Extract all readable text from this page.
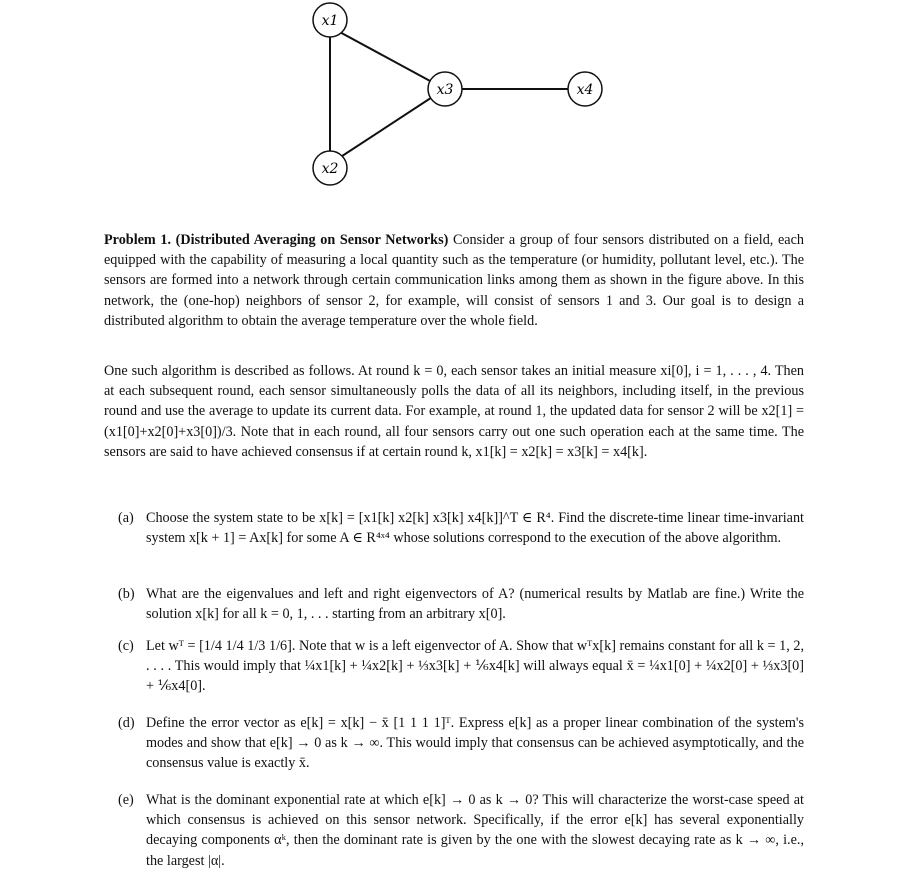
x1
x2
x3	x4

Problem 1. (Distributed Averaging on Sensor Networks) Consider a group of four sensors distributed on a field, each equipped with the capability of measuring a local quantity such as the temperature (or humidity, pollutant level, etc.). The sensors are formed into a network through certain communication links among them as shown in the figure above. In this network, the (one-hop) neighbors of sensor 2, for example, will consist of sensors 1 and 3. Our goal is to design a distributed algorithm to obtain the average temperature over the whole field.

One such algorithm is described as follows. At round k = 0, each sensor takes an initial measure xi[0], i = 1, . . . , 4. Then at each subsequent round, each sensor simultaneously polls the data of all its neighbors, including itself, in the previous round and use the average to update its current data. For example, at round 1, the updated data for sensor 2 will be x2[1] = (x1[0]+x2[0]+x3[0])/3. Note that in each round, all four sensors carry out one such operation each at the same time. The sensors are said to have achieved consensus if at certain round k, x1[k] = x2[k] = x3[k] = x4[k].

(a) Choose the system state to be x[k] = [x1[k] x2[k] x3[k] x4[k]]^T ∈ R⁴. Find the discrete-time linear time-invariant system x[k + 1] = Ax[k] for some A ∈ R⁴ˣ⁴ whose solutions correspond to the execution of the above algorithm.
(b) What are the eigenvalues and left and right eigenvectors of A? (numerical results by Matlab are fine.) Write the solution x[k] for all k = 0, 1, . . . starting from an arbitrary x[0].
(c) Let wᵀ = [1/4 1/4 1/3 1/6]. Note that w is a left eigenvector of A. Show that wᵀx[k] remains constant for all k = 1, 2, . . . . This would imply that ¼x1[k] + ¼x2[k] + ⅓x3[k] + ⅙x4[k] will always equal x̄ = ¼x1[0] + ¼x2[0] + ⅓x3[0] + ⅙x4[0].
(d) Define the error vector as e[k] = x[k] − x̄ [1 1 1 1]ᵀ. Express e[k] as a proper linear combination of the system's modes and show that e[k] → 0 as k → ∞. This would imply that consensus can be achieved asymptotically, and the consensus value is exactly x̄.
(e) What is the dominant exponential rate at which e[k] → 0 as k → 0? This will characterize the worst-case speed at which consensus is achieved on this sensor network. Specifically, if the error e[k] has several exponentially decaying components αᵏ, then the dominant rate is given by the one with the slowest decaying rate as k → ∞, i.e., the largest |α|.
